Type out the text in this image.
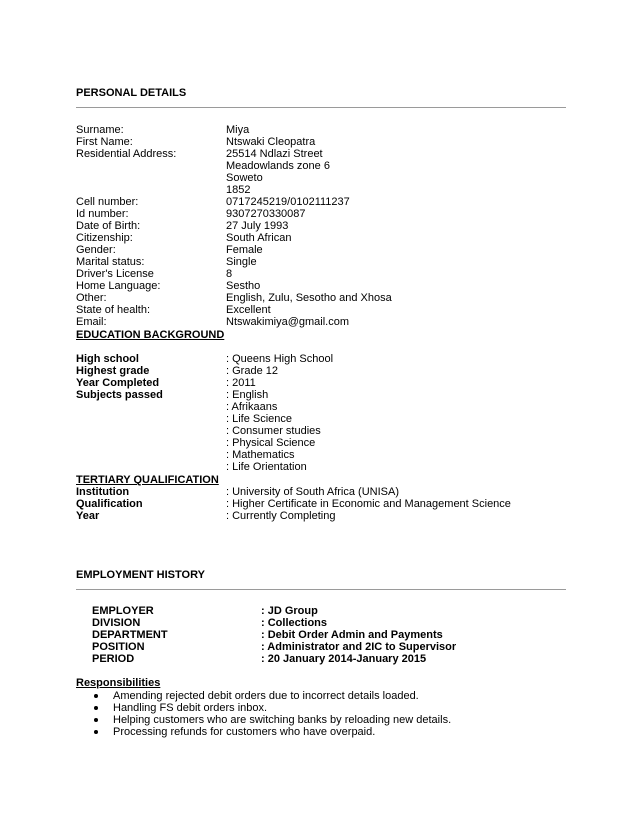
PERSONAL DETAILS
Surname:	Miya
First Name:	Ntswaki Cleopatra
Residential Address:	25514 Ndlazi Street
Meadowlands zone 6
Soweto
1852
Cell number:	0717245219/0102111237
Id number:	9307270330087
Date of Birth:	27 July 1993
Citizenship:	South African
Gender:	Female
Marital status:	Single
Driver's License	8
Home Language:	Sestho
Other:	English, Zulu, Sesotho and Xhosa
State of health:	Excellent
Email:	Ntswakimiya@gmail.com
EDUCATION BACKGROUND
High school	: Queens High School
Highest grade	: Grade 12
Year Completed	: 2011
Subjects passed	: English
: Afrikaans
: Life Science
: Consumer studies
: Physical Science
: Mathematics
: Life Orientation
TERTIARY QUALIFICATION
Institution	: University of South Africa (UNISA)
Qualification	: Higher Certificate in Economic and Management Science
Year	: Currently Completing
EMPLOYMENT HISTORY
EMPLOYER	: JD Group
DIVISION	: Collections
DEPARTMENT	: Debit Order Admin and Payments
POSITION	: Administrator and 2IC to Supervisor
PERIOD	: 20 January 2014-January 2015
Responsibilities
Amending rejected debit orders due to incorrect details loaded.
Handling FS debit orders inbox.
Helping customers who are switching banks by reloading new details.
Processing refunds for customers who have overpaid.
